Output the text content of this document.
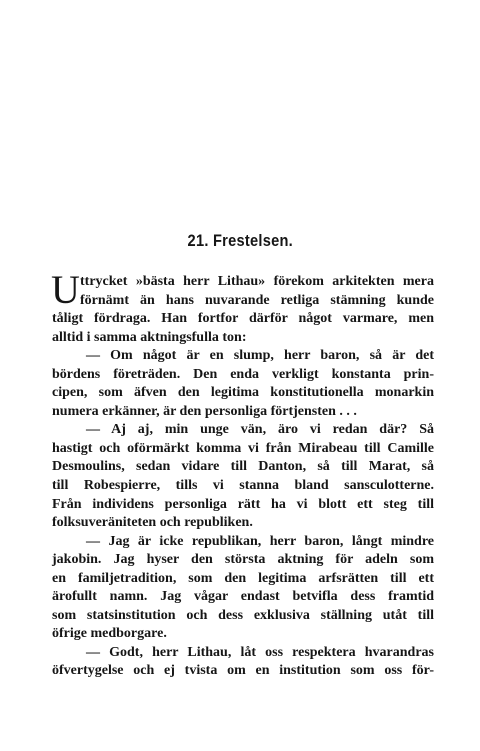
21. Frestelsen.
U ttrycket »bästa herr Lithau» förekom arkitekten mera
förnämt än hans nuvarande retliga stämning kunde
tåligt fördraga. Han fortfor därför något varmare, men
alltid i samma aktningsfulla ton:
— Om något är en slump, herr baron, så är det
bördens företräden. Den enda verkligt konstanta prin-
cipen, som äfven den legitima konstitutionella monarkin
numera erkänner, är den personliga förtjensten . . .
— Aj aj, min unge vän, äro vi redan där? Så
hastigt och oförmärkt komma vi från Mirabeau till Camille
Desmoulins, sedan vidare till Danton, så till Marat, så
till Robespierre, tills vi stanna bland sansculotterne.
Från individens personliga rätt ha vi blott ett steg till
folksuveräniteten och republiken.
— Jag är icke republikan, herr baron, långt mindre
jakobin. Jag hyser den största aktning för adeln som
en familjetradition, som den legitima arfsrätten till ett
ärofullt namn. Jag vågar endast betvifla dess framtid
som statsinstitution och dess exklusiva ställning utåt till
öfrige medborgare.
— Godt, herr Lithau, låt oss respektera hvarandras
öfvertygelse och ej tvista om en institution som oss för-
